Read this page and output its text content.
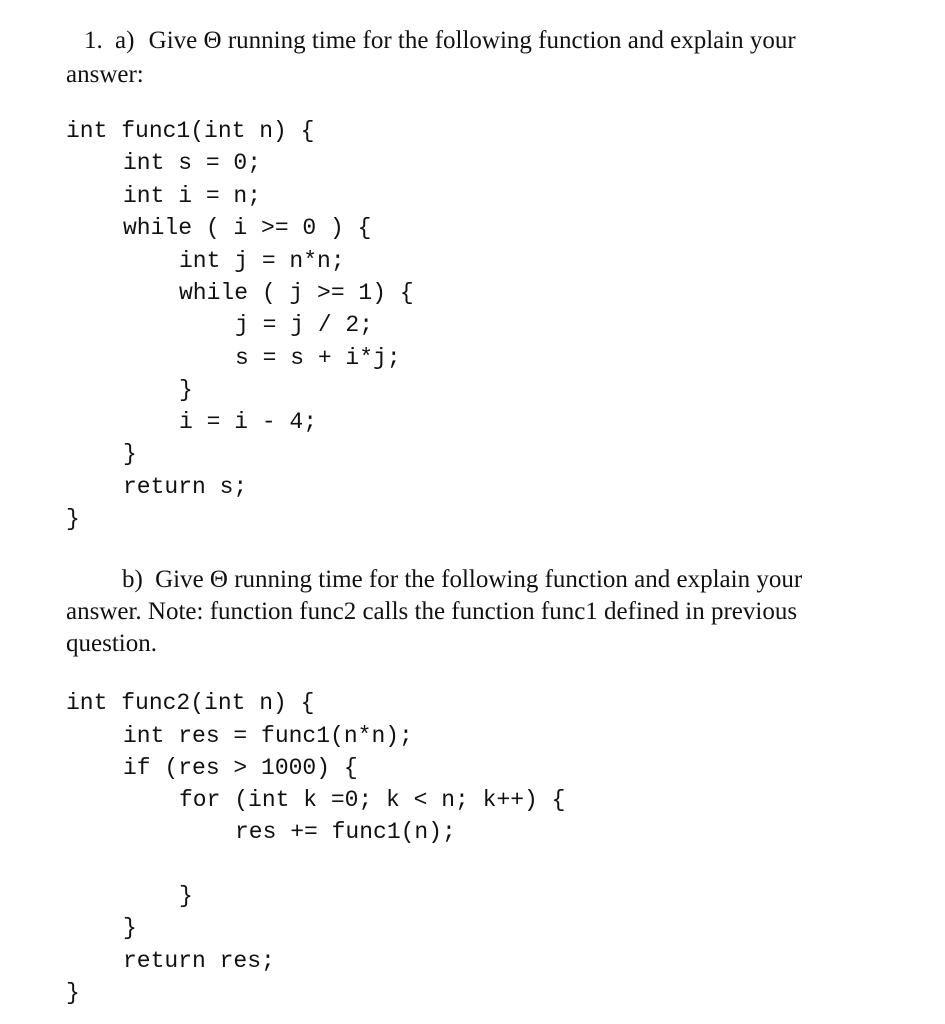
1. a) Give Θ running time for the following function and explain your
answer:
int func1(int n) {
int s = 0;
int i = n;
while ( i >= 0 ) {
int j = n*n;
while ( j >= 1) {
j = j / 2;
s = s + i*j;
}
i = i - 4;
}
return s;
}
b) Give Θ running time for the following function and explain your
answer. Note: function func2 calls the function func1 defined in previous
question.
int func2(int n) {
int res = func1(n*n);
if (res > 1000) {
for (int k =0; k < n; k++) {
res += func1(n);
}
}
return res;
}
